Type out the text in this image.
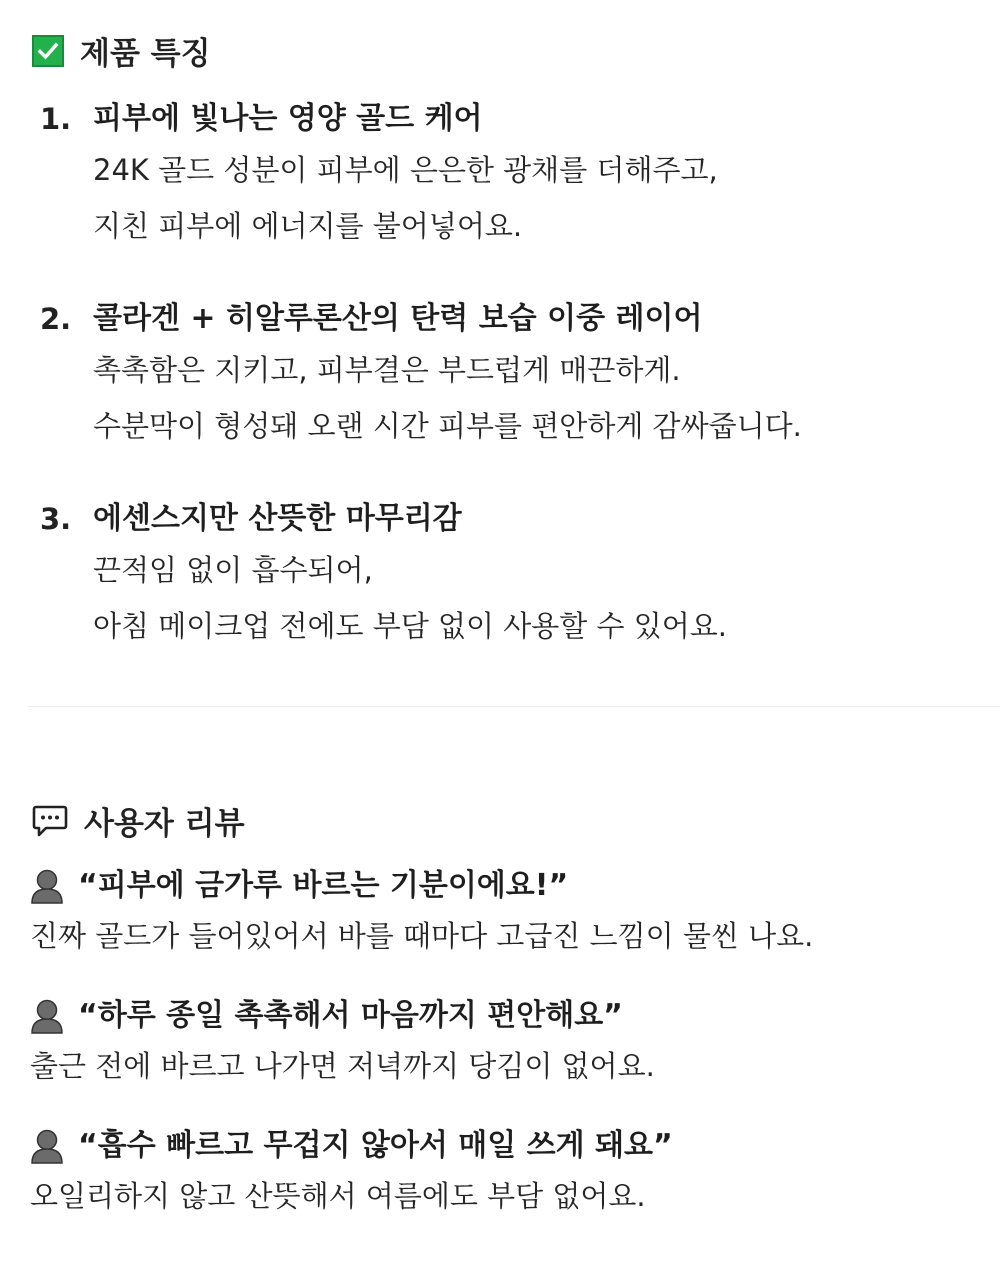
제품 특징
1. 피부에 빛나는 영양 골드 케어
24K 골드 성분이 피부에 은은한 광채를 더해주고,
지친 피부에 에너지를 불어넣어요.
2. 콜라겐 + 히알루론산의 탄력 보습 이중 레이어
촉촉함은 지키고, 피부결은 부드럽게 매끈하게.
수분막이 형성돼 오랜 시간 피부를 편안하게 감싸줍니다.
3. 에센스지만 산뜻한 마무리감
끈적임 없이 흡수되어,
아침 메이크업 전에도 부담 없이 사용할 수 있어요.
사용자 리뷰
“피부에 금가루 바르는 기분이에요!”
진짜 골드가 들어있어서 바를 때마다 고급진 느낌이 물씬 나요.
“하루 종일 촉촉해서 마음까지 편안해요”
출근 전에 바르고 나가면 저녁까지 당김이 없어요.
“흡수 빠르고 무겁지 않아서 매일 쓰게 돼요”
오일리하지 않고 산뜻해서 여름에도 부담 없어요.
